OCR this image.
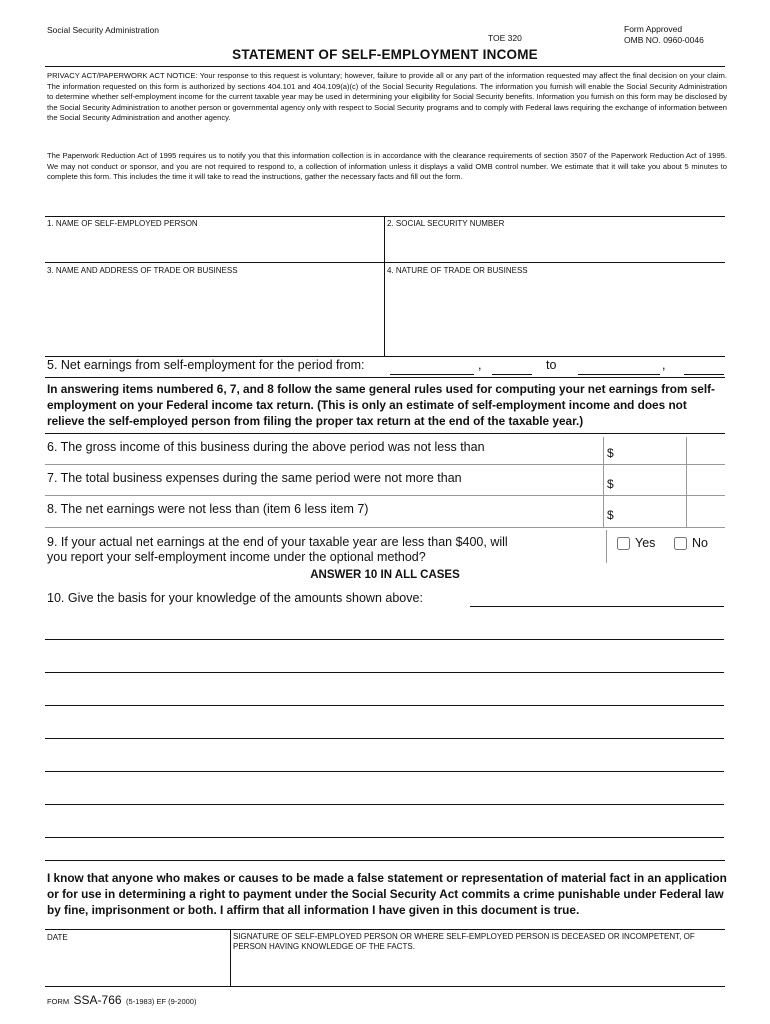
Social Security Administration
TOE 320
Form Approved
OMB NO. 0960-0046
STATEMENT OF SELF-EMPLOYMENT INCOME
PRIVACY ACT/PAPERWORK ACT NOTICE: Your response to this request is voluntary; however, failure to provide all or any part of the information requested may affect the final decision on your claim. The information requested on this form is authorized by sections 404.101 and 404.109(a)(c) of the Social Security Regulations. The information you furnish will enable the Social Security Administration to determine whether self-employment income for the current taxable year may be used in determining your eligibility for Social Security benefits. Information you furnish on this form may be disclosed by the Social Security Administration to another person or governmental agency only with respect to Social Security programs and to comply with Federal laws requiring the exchange of information between the Social Security Administration and another agency.
The Paperwork Reduction Act of 1995 requires us to notify you that this information collection is in accordance with the clearance requirements of section 3507 of the Paperwork Reduction Act of 1995. We may not conduct or sponsor, and you are not required to respond to, a collection of information unless it displays a valid OMB control number. We estimate that it will take you about 5 minutes to complete this form. This includes the time it will take to read the instructions, gather the necessary facts and fill out the form.
1. NAME OF SELF-EMPLOYED PERSON	2. SOCIAL SECURITY NUMBER
3. NAME AND ADDRESS OF TRADE OR BUSINESS	4. NATURE OF TRADE OR BUSINESS
5. Net earnings from self-employment for the period from:	,	to	,
In answering items numbered 6, 7, and 8 follow the same general rules used for computing your net earnings from self-employment on your Federal income tax return. (This is only an estimate of self-employment income and does not relieve the self-employed person from filing the proper tax return at the end of the taxable year.)
6. The gross income of this business during the above period was not less than	$
7. The total business expenses during the same period were not more than	$
8. The net earnings were not less than (item 6 less item 7)	$
9. If your actual net earnings at the end of your taxable year are less than $400, will
you report your self-employment income under the optional method?
Yes	No
ANSWER 10 IN ALL CASES
10. Give the basis for your knowledge of the amounts shown above:
I know that anyone who makes or causes to be made a false statement or representation of material fact in an application or for use in determining a right to payment under the Social Security Act commits a crime punishable under Federal law by fine, imprisonment or both. I affirm that all information I have given in this document is true.
DATE	SIGNATURE OF SELF-EMPLOYED PERSON OR WHERE SELF-EMPLOYED PERSON IS DECEASED OR INCOMPETENT, OF PERSON HAVING KNOWLEDGE OF THE FACTS.
FORM SSA-766 (5-1983) EF (9-2000)
